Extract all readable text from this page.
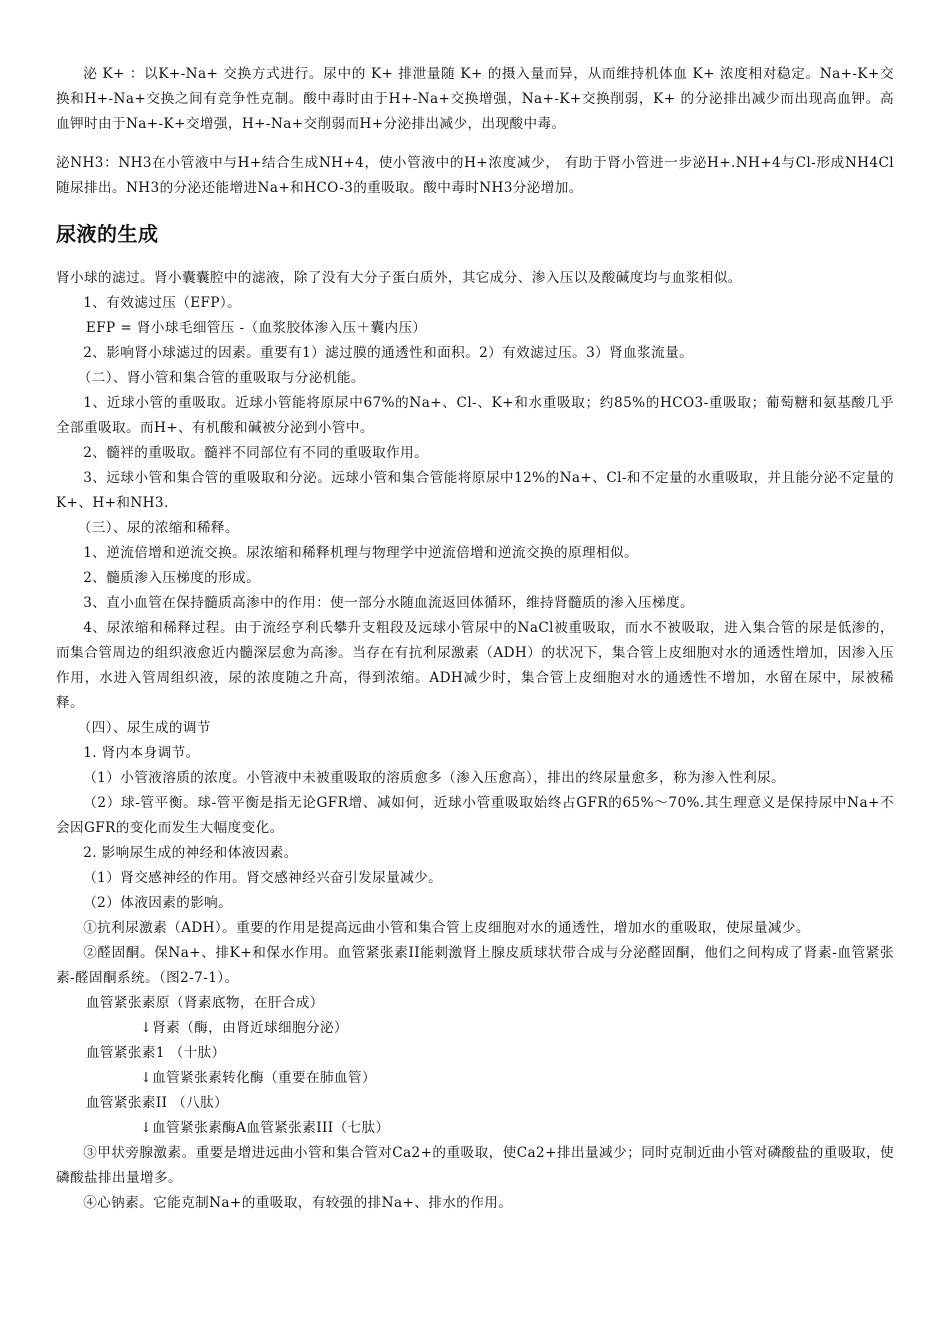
泌 K+ ：以K+-Na+ 交换方式进行。尿中的 K+ 排泄量随 K+ 的摄入量而异，从而维持机体血 K+ 浓度相对稳定。Na+-K+交换和H+-Na+交换之间有竞争性克制。酸中毒时由于H+-Na+交换增强，Na+-K+交换削弱，K+ 的分泌排出减少而出现高血钾。高血钾时由于Na+-K+交增强，H+-Na+交削弱而H+分泌排出减少，出现酸中毒。

泌NH3：NH3在小管液中与H+结合生成NH+4，使小管液中的H+浓度减少， 有助于肾小管进一步泌H+.NH+4与Cl-形成NH4Cl随尿排出。NH3的分泌还能增进Na+和HCO-3的重吸取。酸中毒时NH3分泌增加。

尿液的生成

肾小球的滤过。肾小囊囊腔中的滤液，除了没有大分子蛋白质外，其它成分、渗入压以及酸碱度均与血浆相似。

1、有效滤过压（EFP）。

EFP = 肾小球毛细管压 -（血浆胶体渗入压＋囊内压）

2、影响肾小球滤过的因素。重要有1）滤过膜的通透性和面积。2）有效滤过压。3）肾血浆流量。

（二）、肾小管和集合管的重吸取与分泌机能。

1、近球小管的重吸取。近球小管能将原尿中67%的Na+、Cl-、K+和水重吸取；约85%的HCO3-重吸取；葡萄糖和氨基酸几乎全部重吸取。而H+、有机酸和碱被分泌到小管中。

2、髓袢的重吸取。髓袢不同部位有不同的重吸取作用。

3、远球小管和集合管的重吸取和分泌。远球小管和集合管能将原尿中12%的Na+、Cl-和不定量的水重吸取，并且能分泌不定量的K+、H+和NH3.

（三）、尿的浓缩和稀释。

1、逆流倍增和逆流交换。尿浓缩和稀释机理与物理学中逆流倍增和逆流交换的原理相似。

2、髓质渗入压梯度的形成。

3、直小血管在保持髓质高渗中的作用：使一部分水随血流返回体循环，维持肾髓质的渗入压梯度。

4、尿浓缩和稀释过程。由于流经亨利氏攀升支粗段及远球小管尿中的NaCl被重吸取，而水不被吸取，进入集合管的尿是低渗的，而集合管周边的组织液愈近内髓深层愈为高渗。当存在有抗利尿激素（ADH）的状况下，集合管上皮细胞对水的通透性增加，因渗入压作用，水进入管周组织液，尿的浓度随之升高，得到浓缩。ADH减少时，集合管上皮细胞对水的通透性不增加，水留在尿中，尿被稀释。

（四）、尿生成的调节

1. 肾内本身调节。

（1）小管液溶质的浓度。小管液中未被重吸取的溶质愈多（渗入压愈高），排出的终尿量愈多，称为渗入性利尿。

（2）球-管平衡。球-管平衡是指无论GFR增、减如何，近球小管重吸取始终占GFR的65%～70%.其生理意义是保持尿中Na+不会因GFR的变化而发生大幅度变化。

2. 影响尿生成的神经和体液因素。

（1）肾交感神经的作用。肾交感神经兴奋引发尿量减少。

（2）体液因素的影响。

①抗利尿激素（ADH）。重要的作用是提高远曲小管和集合管上皮细胞对水的通透性，增加水的重吸取，使尿量减少。

②醛固酮。保Na+、排K+和保水作用。血管紧张素II能刺激肾上腺皮质球状带合成与分泌醛固酮，他们之间构成了肾素-血管紧张素-醛固酮系统。（图2-7-1）。

血管紧张素原（肾素底物，在肝合成）

↓肾素（酶，由肾近球细胞分泌）

血管紧张素1 （十肽）

↓血管紧张素转化酶（重要在肺血管）

血管紧张素II （八肽）

↓血管紧张素酶A血管紧张素III（七肽）

③甲状旁腺激素。重要是增进远曲小管和集合管对Ca2+的重吸取，使Ca2+排出量减少；同时克制近曲小管对磷酸盐的重吸取，使磷酸盐排出量增多。

④心钠素。它能克制Na+的重吸取，有较强的排Na+、排水的作用。
